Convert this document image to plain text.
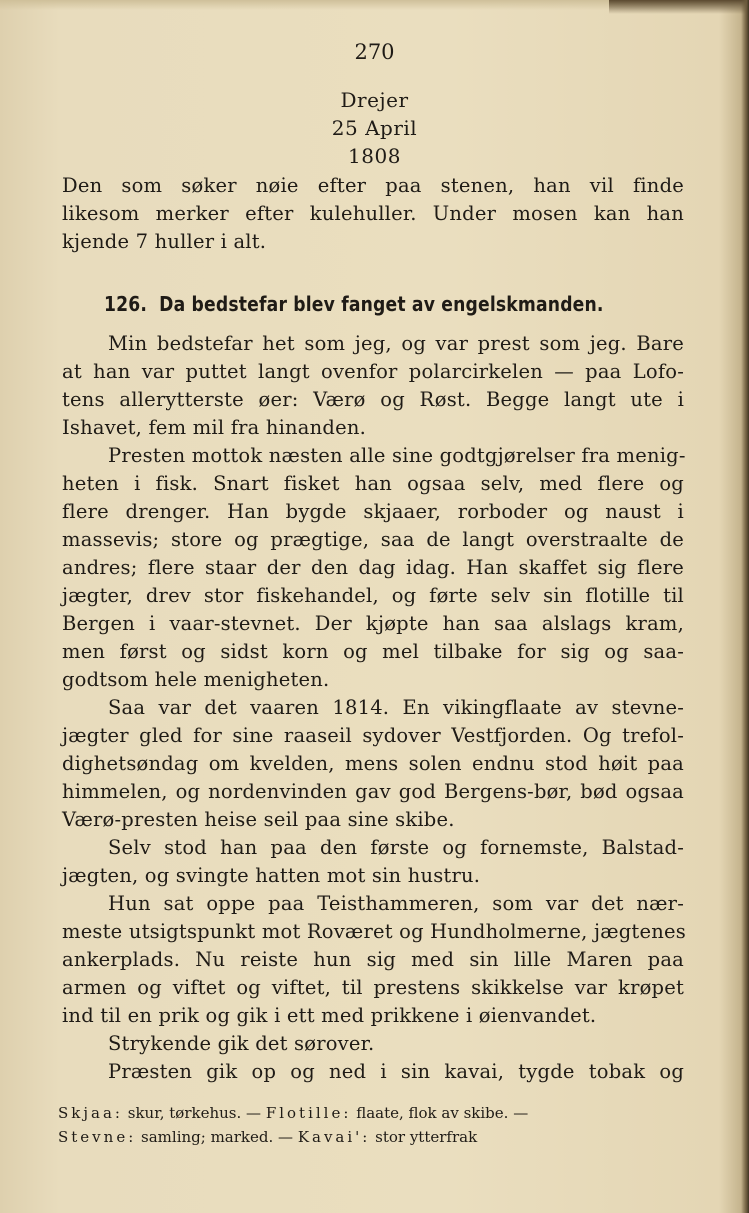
270
Drejer
25 April
1808
Den som søker nøie efter paa stenen, han vil finde
likesom merker efter kulehuller. Under mosen kan han
kjende 7 huller i alt.
126. Da bedstefar blev fanget av engelskmanden.
Min bedstefar het som jeg, og var prest som jeg. Bare
at han var puttet langt ovenfor polarcirkelen — paa Lofo-
tens allerytterste øer: Værø og Røst. Begge langt ute i
Ishavet, fem mil fra hinanden.
Presten mottok næsten alle sine godtgjørelser fra menig-
heten i fisk. Snart fisket han ogsaa selv, med flere og
flere drenger. Han bygde skjaaer, rorboder og naust i
massevis; store og prægtige, saa de langt overstraalte de
andres; flere staar der den dag idag. Han skaffet sig flere
jægter, drev stor fiskehandel, og førte selv sin flotille til
Bergen i vaar-stevnet. Der kjøpte han saa alslags kram,
men først og sidst korn og mel tilbake for sig og saa-
godtsom hele menigheten.
Saa var det vaaren 1814. En vikingflaate av stevne-
jægter gled for sine raaseil sydover Vestfjorden. Og trefol-
dighetsøndag om kvelden, mens solen endnu stod høit paa
himmelen, og nordenvinden gav god Bergens-bør, bød ogsaa
Værø-presten heise seil paa sine skibe.
Selv stod han paa den første og fornemste, Balstad-
jægten, og svingte hatten mot sin hustru.
Hun sat oppe paa Teisthammeren, som var det nær-
meste utsigtspunkt mot Roværet og Hundholmerne, jægtenes
ankerplads. Nu reiste hun sig med sin lille Maren paa
armen og viftet og viftet, til prestens skikkelse var krøpet
ind til en prik og gik i ett med prikkene i øienvandet.
Strykende gik det sørover.
Præsten gik op og ned i sin kavai, tygde tobak og
Skjaa: skur, tørkehus. — Flotille: flaate, flok av skibe. —
Stevne: samling; marked. — Kavai': stor ytterfrak
